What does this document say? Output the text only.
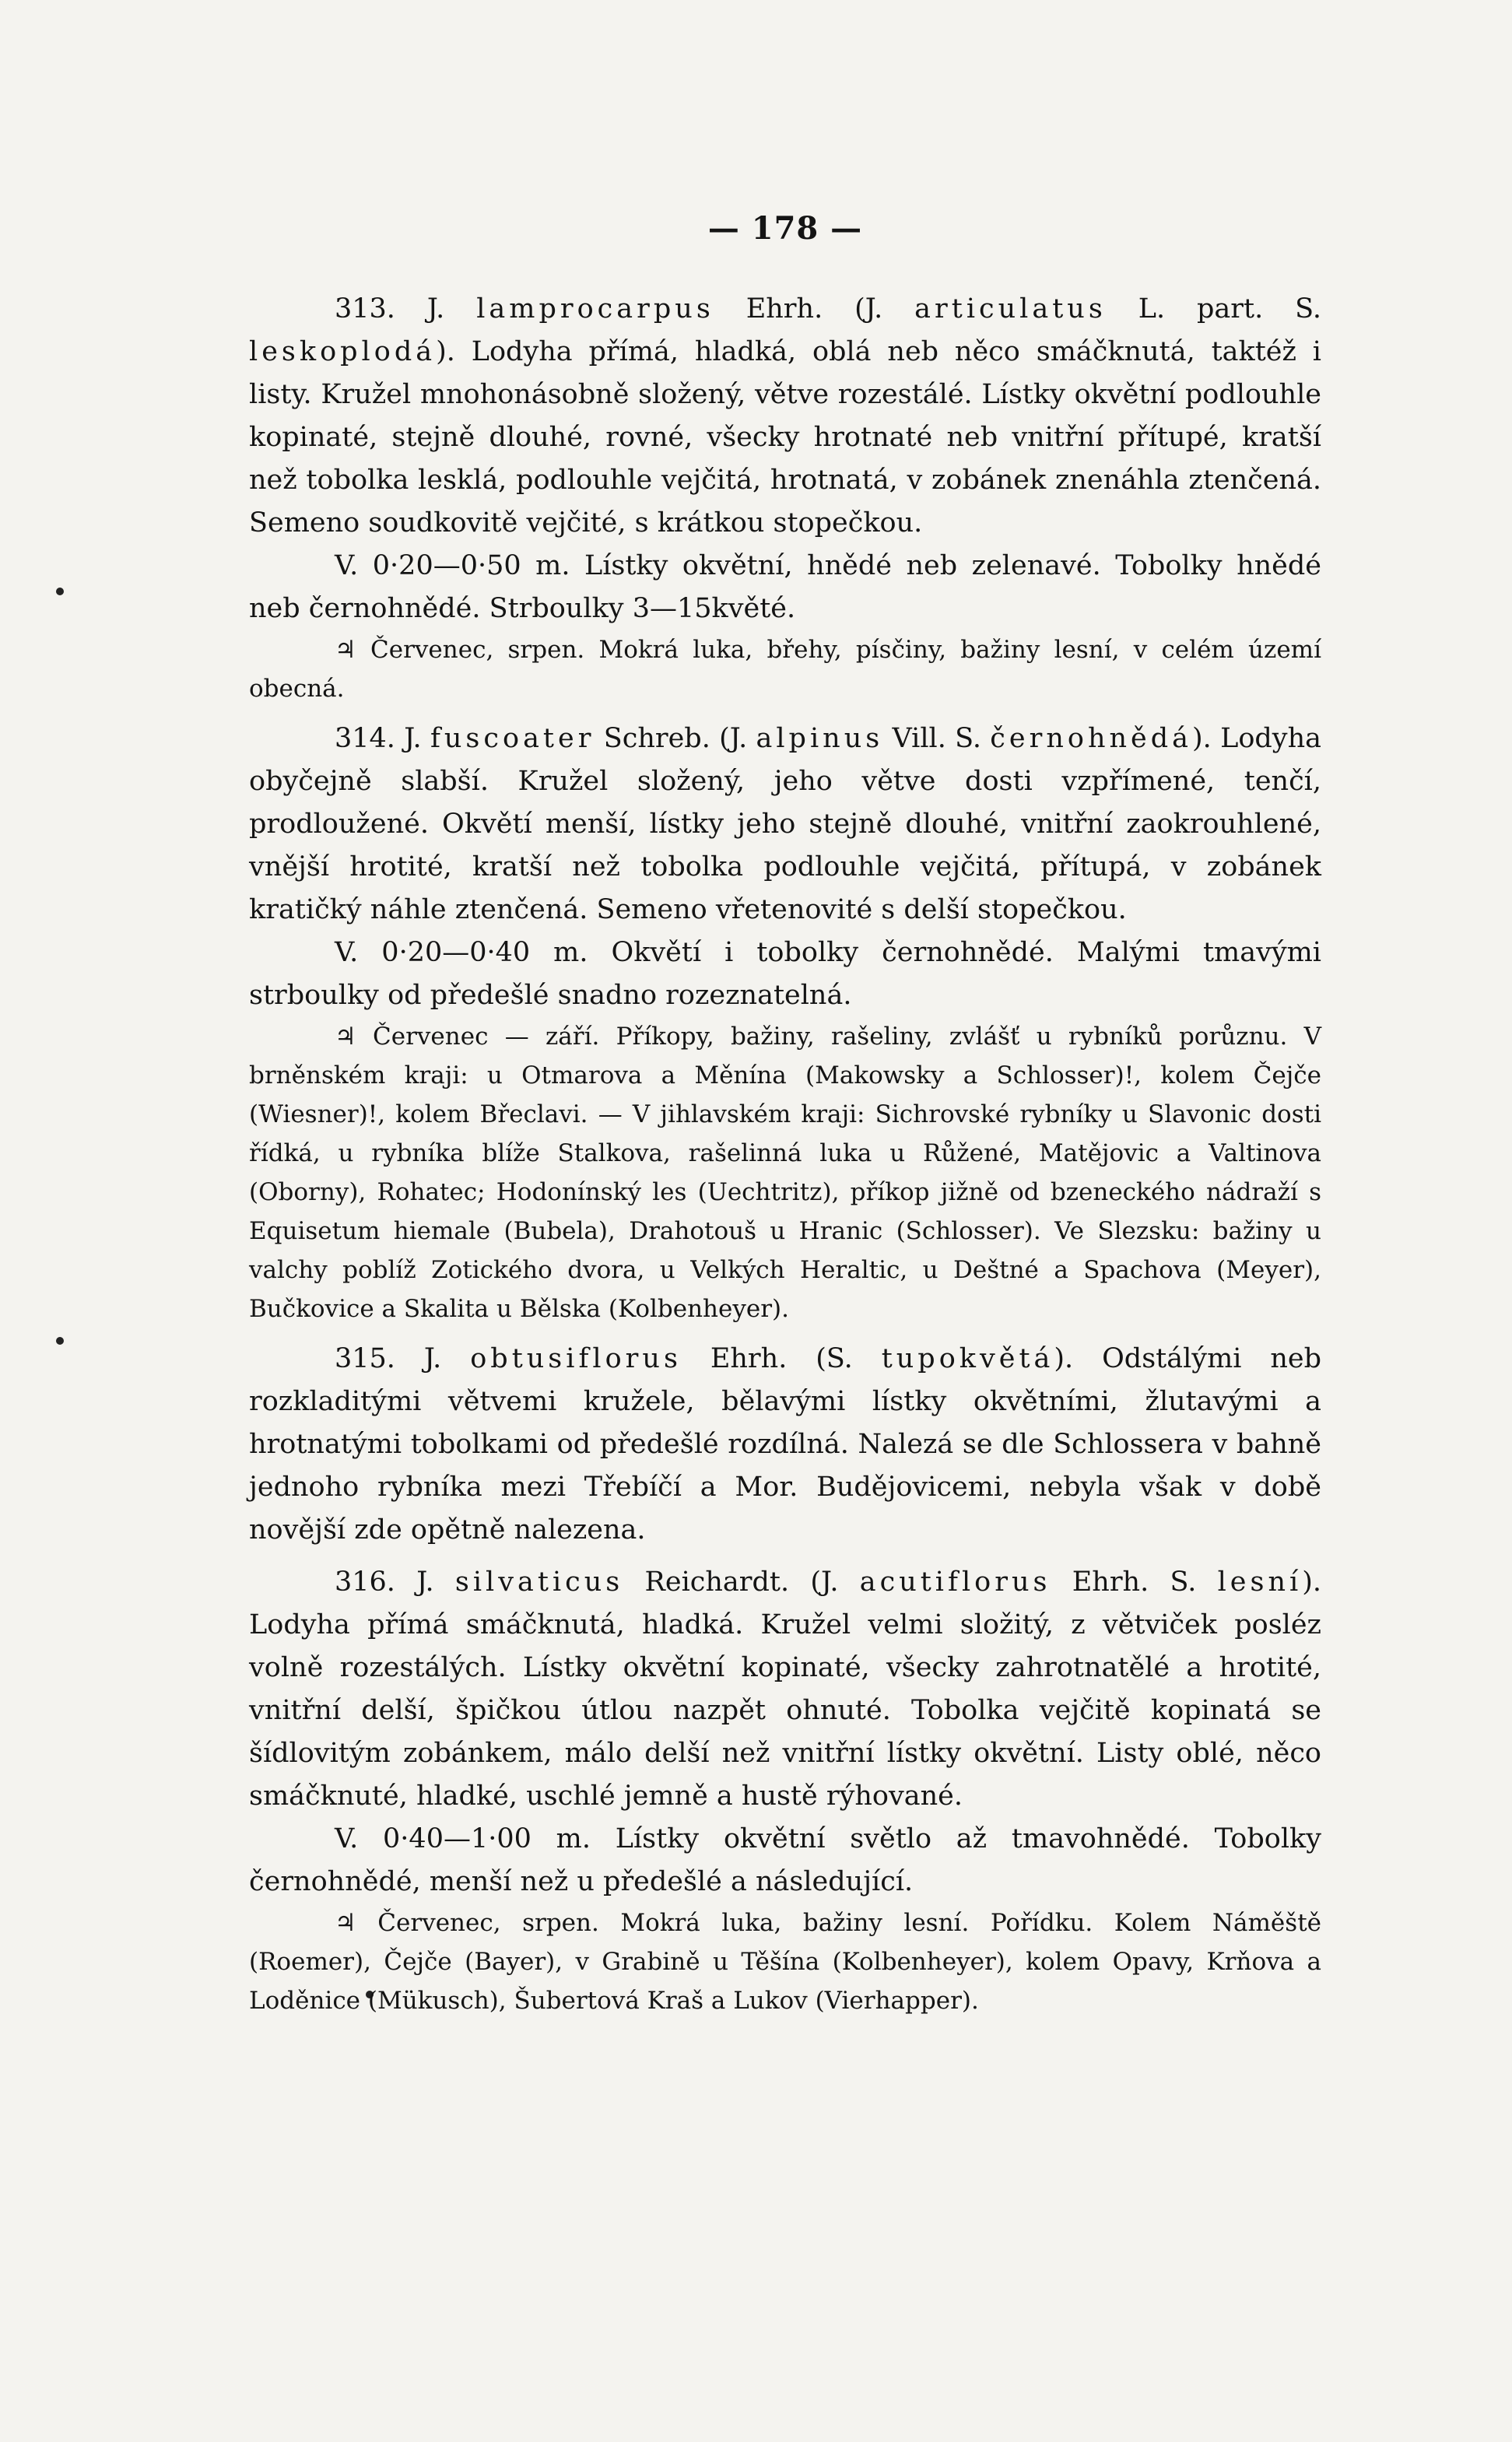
— 178 —

313. J. lamprocarpus Ehrh. (J. articulatus L. part. S. leskoplodá). Lodyha přímá, hladká, oblá neb něco smáčknutá, taktéž i listy. Kružel mnohonásobně složený, větve rozestálé. Lístky okvětní podlouhle kopinaté, stejně dlouhé, rovné, všecky hrotnaté neb vnitřní přítupé, kratší než tobolka lesklá, podlouhle vejčitá, hrotnatá, v zobánek znenáhla ztenčená. Semeno soudkovitě vejčité, s krátkou stopečkou.

V. 0·20—0·50 m. Lístky okvětní, hnědé neb zelenavé. Tobolky hnědé neb černohnědé. Strboulky 3—15květé.

♃ Červenec, srpen. Mokrá luka, břehy, písčiny, bažiny lesní, v celém území obecná.

314. J. fuscoater Schreb. (J. alpinus Vill. S. černohnědá). Lodyha obyčejně slabší. Kružel složený, jeho větve dosti vzpřímené, tenčí, prodloužené. Okvětí menší, lístky jeho stejně dlouhé, vnitřní zaokrouhlené, vnější hrotité, kratší než tobolka podlouhle vejčitá, přítupá, v zobánek kratičký náhle ztenčená. Semeno vřetenovité s delší stopečkou.

V. 0·20—0·40 m. Okvětí i tobolky černohnědé. Malými tmavými strboulky od předešlé snadno rozeznatelná.

♃ Červenec — září. Příkopy, bažiny, rašeliny, zvlášť u rybníků porůznu. V brněnském kraji: u Otmarova a Měnína (Makowsky a Schlosser)!, kolem Čejče (Wiesner)!, kolem Břeclavi. — V jihlavském kraji: Sichrovské rybníky u Slavonic dosti řídká, u rybníka blíže Stalkova, rašelinná luka u Růžené, Matějovic a Valtinova (Oborny), Rohatec; Hodonínský les (Uechtritz), příkop jižně od bzeneckého nádraží s Equisetum hiemale (Bubela), Drahotouš u Hranic (Schlosser). Ve Slezsku: bažiny u valchy poblíž Zotického dvora, u Velkých Heraltic, u Deštné a Spachova (Meyer), Bučkovice a Skalita u Bělska (Kolbenheyer).

315. J. obtusiflorus Ehrh. (S. tupokvětá). Odstálými neb rozkladitými větvemi kružele, bělavými lístky okvětními, žlutavými a hrotnatými tobolkami od předešlé rozdílná. Nalezá se dle Schlossera v bahně jednoho rybníka mezi Třebíčí a Mor. Budějovicemi, nebyla však v době novější zde opětně nalezena.

316. J. silvaticus Reichardt. (J. acutiflorus Ehrh. S. lesní). Lodyha přímá smáčknutá, hladká. Kružel velmi složitý, z větviček posléz volně rozestálých. Lístky okvětní kopinaté, všecky zahrotnatělé a hrotité, vnitřní delší, špičkou útlou nazpět ohnuté. Tobolka vejčitě kopinatá se šídlovitým zobánkem, málo delší než vnitřní lístky okvětní. Listy oblé, něco smáčknuté, hladké, uschlé jemně a hustě rýhované.

V. 0·40—1·00 m. Lístky okvětní světlo až tmavohnědé. Tobolky černohnědé, menší než u předešlé a následující.

♃ Červenec, srpen. Mokrá luka, bažiny lesní. Pořídku. Kolem Náměště (Roemer), Čejče (Bayer), v Grabině u Těšína (Kolbenheyer), kolem Opavy, Krňova a Loděnice (Mükusch), Šubertová Kraš a Lukov (Vierhapper).
